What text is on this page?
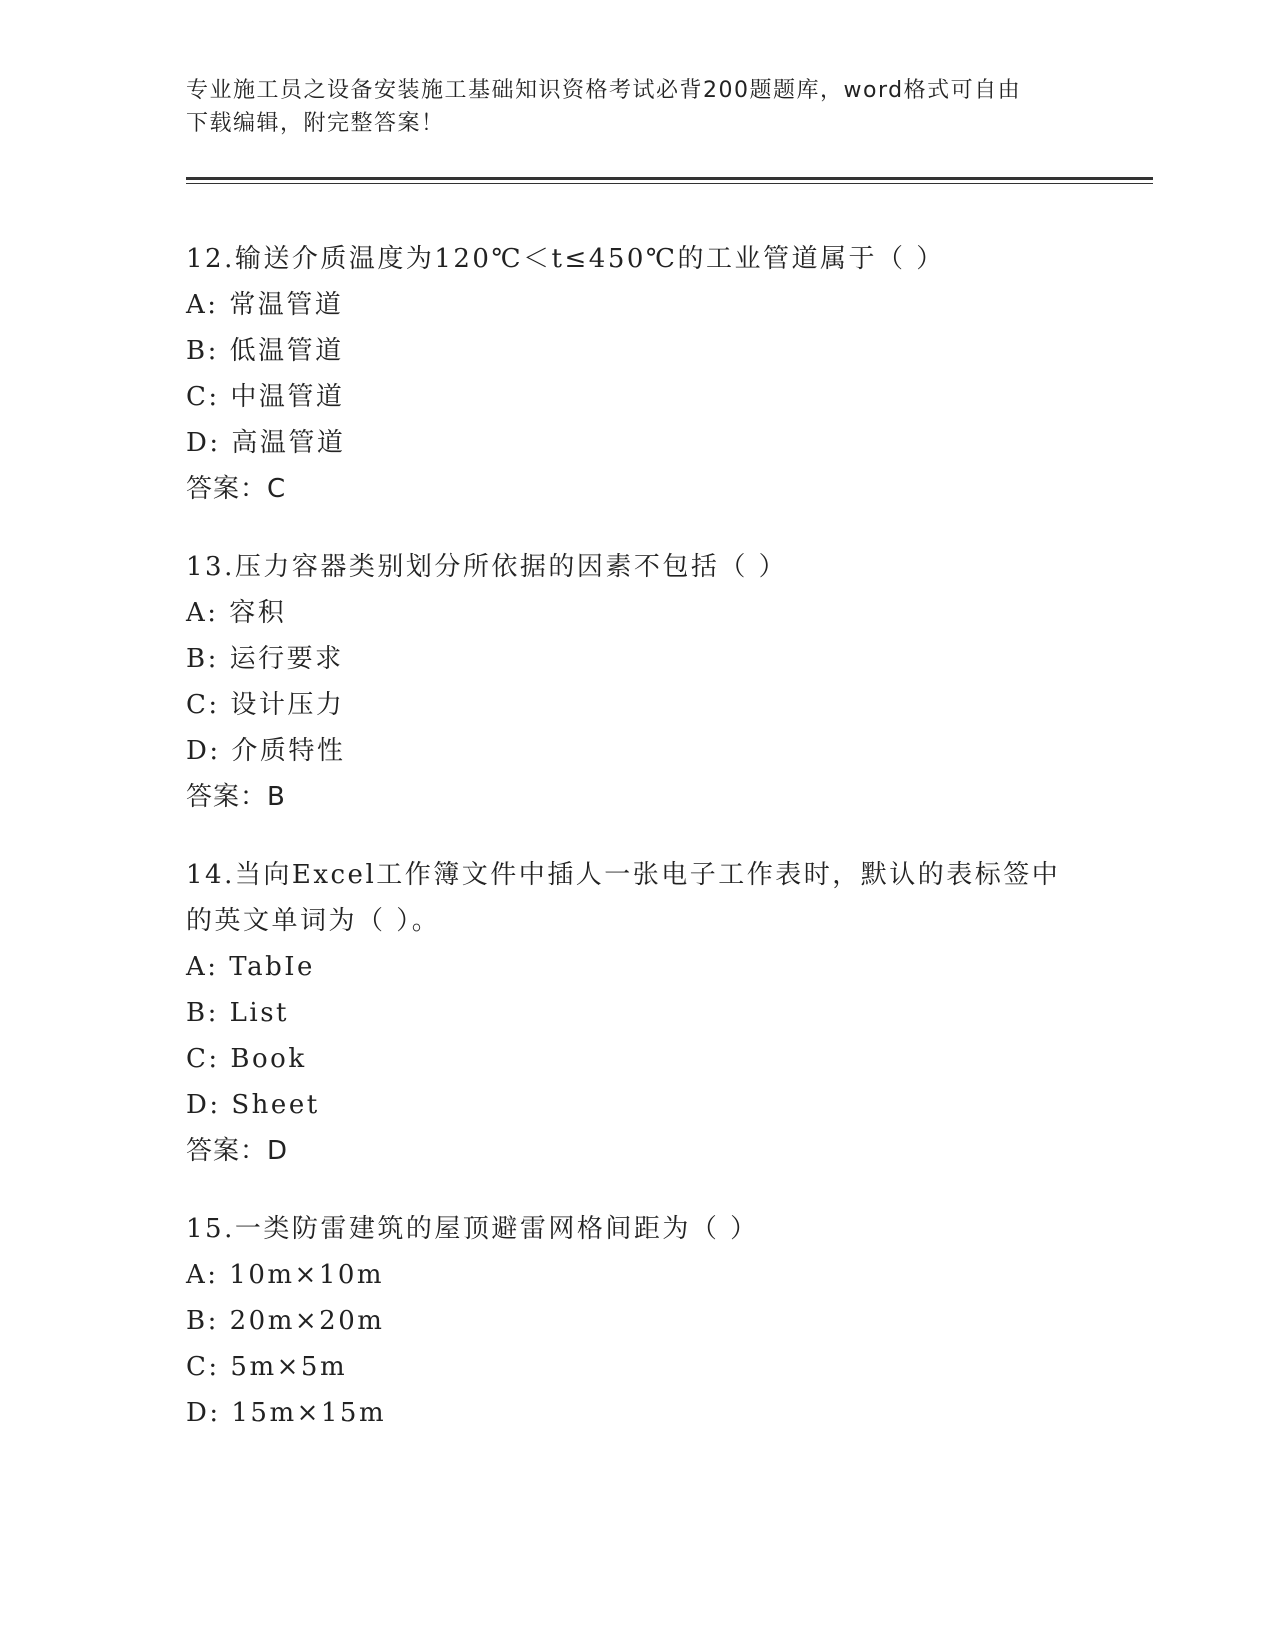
专业施工员之设备安装施工基础知识资格考试必背200题题库，word格式可自由
下载编辑，附完整答案！

12.输送介质温度为120℃＜t≤450℃的工业管道属于（ ）

A: 常温管道

B: 低温管道

C: 中温管道

D: 高温管道

答案：C

13.压力容器类别划分所依据的因素不包括（ ）

A: 容积

B: 运行要求

C: 设计压力

D: 介质特性

答案：B

14.当向Excel工作簿文件中插人一张电子工作表时，默认的表标签中的英文单词为（ ）。

A: TabIe

B: List

C: Book

D: Sheet

答案：D

15.一类防雷建筑的屋顶避雷网格间距为（ ）

A: 10m×10m

B: 20m×20m

C: 5m×5m

D: 15m×15m
